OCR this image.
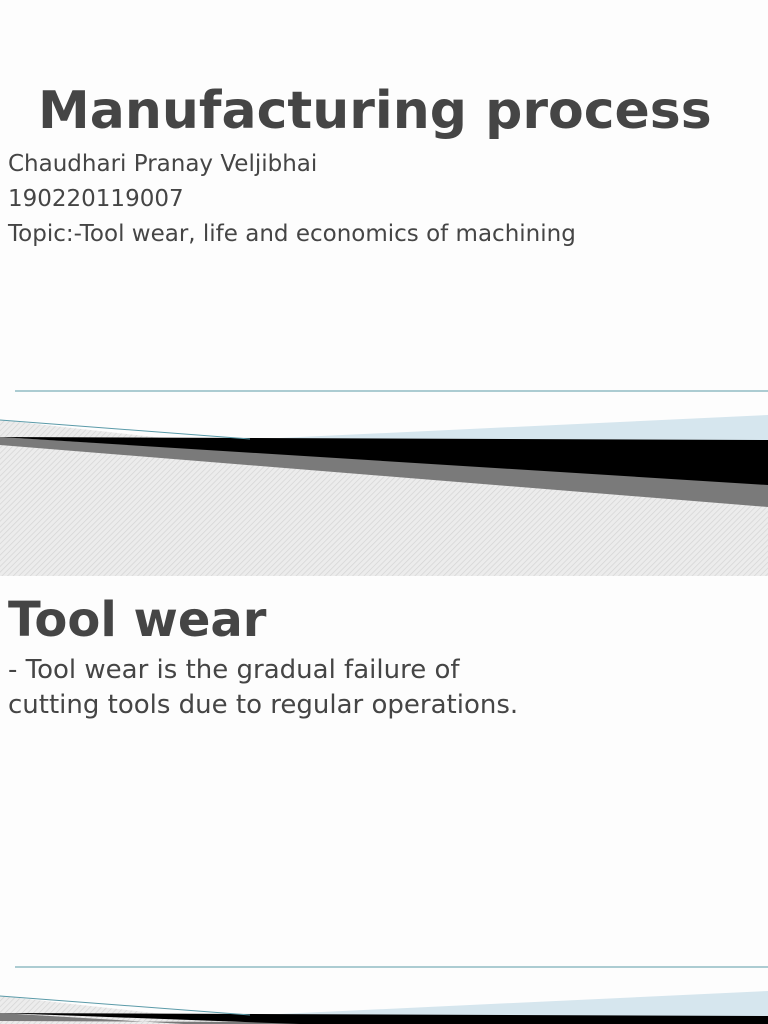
Manufacturing process
Chaudhari Pranay Veljibhai
190220119007
Topic:-Tool wear, life and economics of machining
Tool wear
- Tool wear is the gradual failure of
cutting tools due to regular operations.
